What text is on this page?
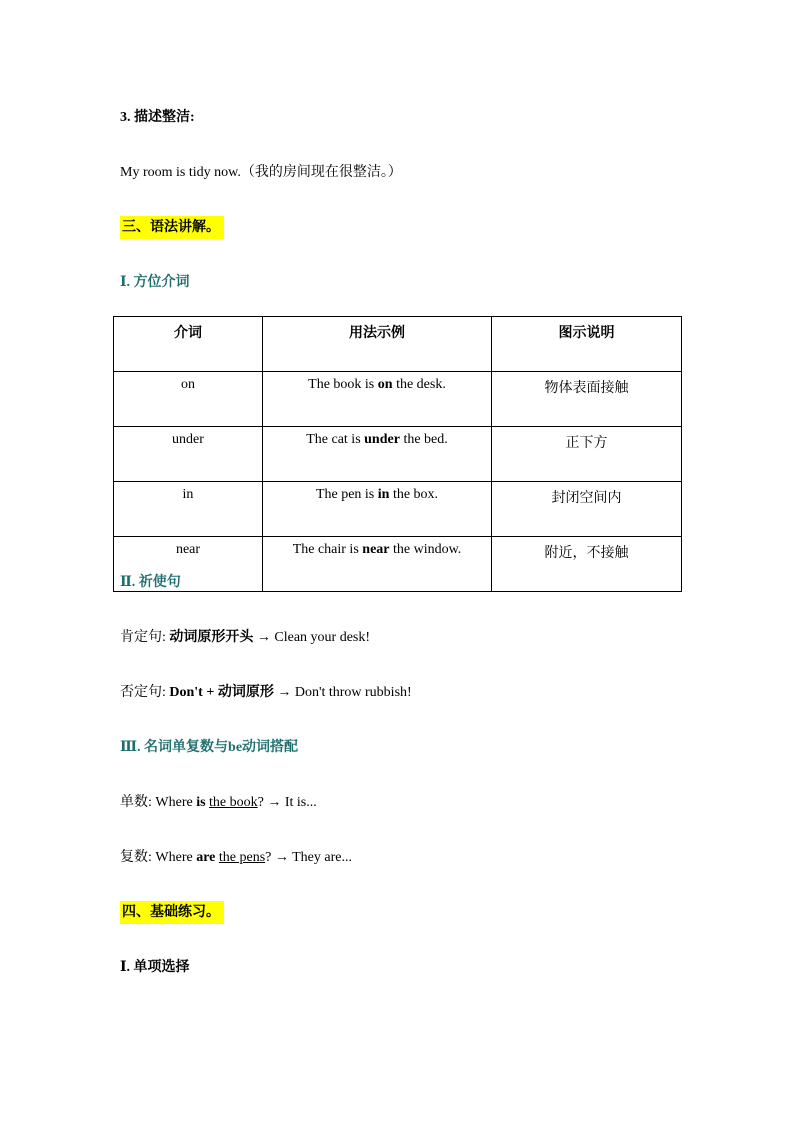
3. 描述整洁:
My room is tidy now.（我的房间现在很整洁。）
三、语法讲解。
Ⅰ. 方位介词
介词	用法示例	图示说明
on	The book is on the desk.	物体表面接触
under	The cat is under the bed.	正下方
in	The pen is in the box.	封闭空间内
near	The chair is near the window.	附近，不接触
Ⅱ. 祈使句
肯定句: 动词原形开头 → Clean your desk!
否定句: Don't + 动词原形 → Don't throw rubbish!
Ⅲ. 名词单复数与be动词搭配
单数: Where is the book? → It is...
复数: Where are the pens? → They are...
四、基础练习。
Ⅰ. 单项选择
